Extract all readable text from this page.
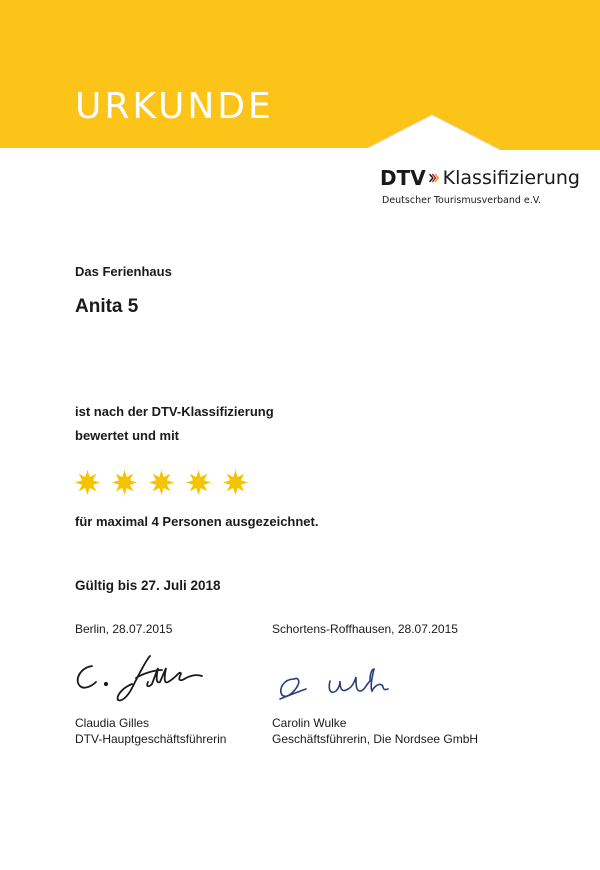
URKUNDE
DTV Klassifizierung
Deutscher Tourismusverband e.V.
Das Ferienhaus
Anita 5
ist nach der DTV-Klassifizierung
bewertet und mit
für maximal 4 Personen ausgezeichnet.
Gültig bis 27. Juli 2018
Berlin, 28.07.2015	Schortens-Roffhausen, 28.07.2015
Claudia Gilles
DTV-Hauptgeschäftsführerin
Carolin Wulke
Geschäftsführerin, Die Nordsee GmbH
